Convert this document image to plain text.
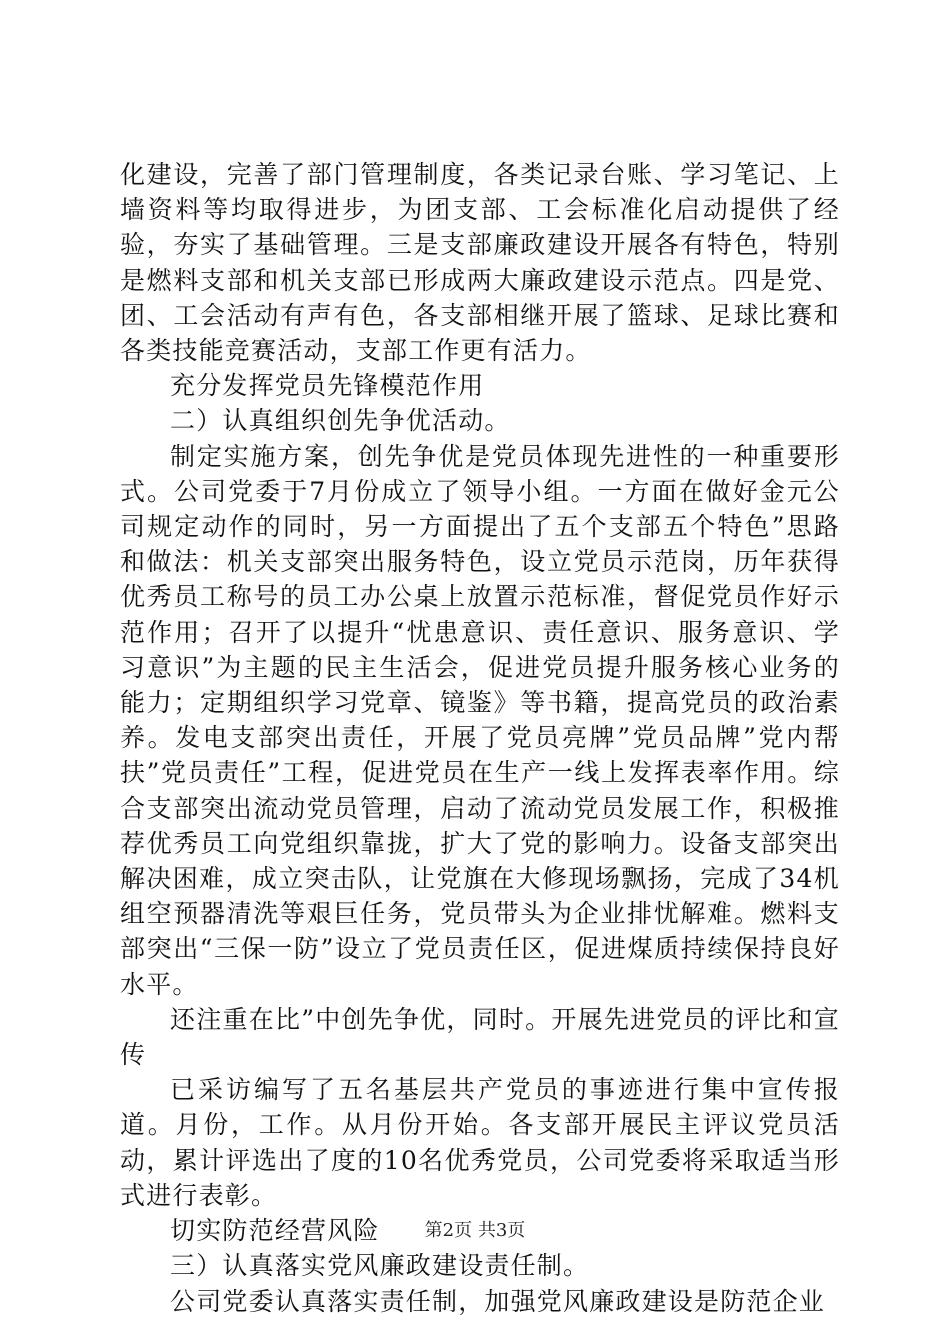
化建设，完善了部门管理制度，各类记录台账、学习笔记、上墙资料等均取得进步，为团支部、工会标准化启动提供了经验，夯实了基础管理。三是支部廉政建设开展各有特色，特别是燃料支部和机关支部已形成两大廉政建设示范点。四是党、团、工会活动有声有色，各支部相继开展了篮球、足球比赛和各类技能竞赛活动，支部工作更有活力。

充分发挥党员先锋模范作用

二）认真组织创先争优活动。

制定实施方案，创先争优是党员体现先进性的一种重要形式。公司党委于7月份成立了领导小组。一方面在做好金元公司规定动作的同时，另一方面提出了五个支部五个特色”思路和做法：机关支部突出服务特色，设立党员示范岗，历年获得优秀员工称号的员工办公桌上放置示范标准，督促党员作好示范作用；召开了以提升“忧患意识、责任意识、服务意识、学习意识”为主题的民主生活会，促进党员提升服务核心业务的能力；定期组织学习党章、镜鉴》等书籍，提高党员的政治素养。发电支部突出责任，开展了党员亮牌”党员品牌”党内帮扶”党员责任”工程，促进党员在生产一线上发挥表率作用。综合支部突出流动党员管理，启动了流动党员发展工作，积极推荐优秀员工向党组织靠拢，扩大了党的影响力。设备支部突出解决困难，成立突击队，让党旗在大修现场飘扬，完成了34机组空预器清洗等艰巨任务，党员带头为企业排忧解难。燃料支部突出“三保一防”设立了党员责任区，促进煤质持续保持良好水平。

还注重在比”中创先争优，同时。开展先进党员的评比和宣传

已采访编写了五名基层共产党员的事迹进行集中宣传报道。月份，工作。从月份开始。各支部开展民主评议党员活动，累计评选出了度的10名优秀党员，公司党委将采取适当形式进行表彰。

切实防范经营风险

三）认真落实党风廉政建设责任制。

公司党委认真落实责任制，加强党风廉政建设是防范企业

第2页 共3页
